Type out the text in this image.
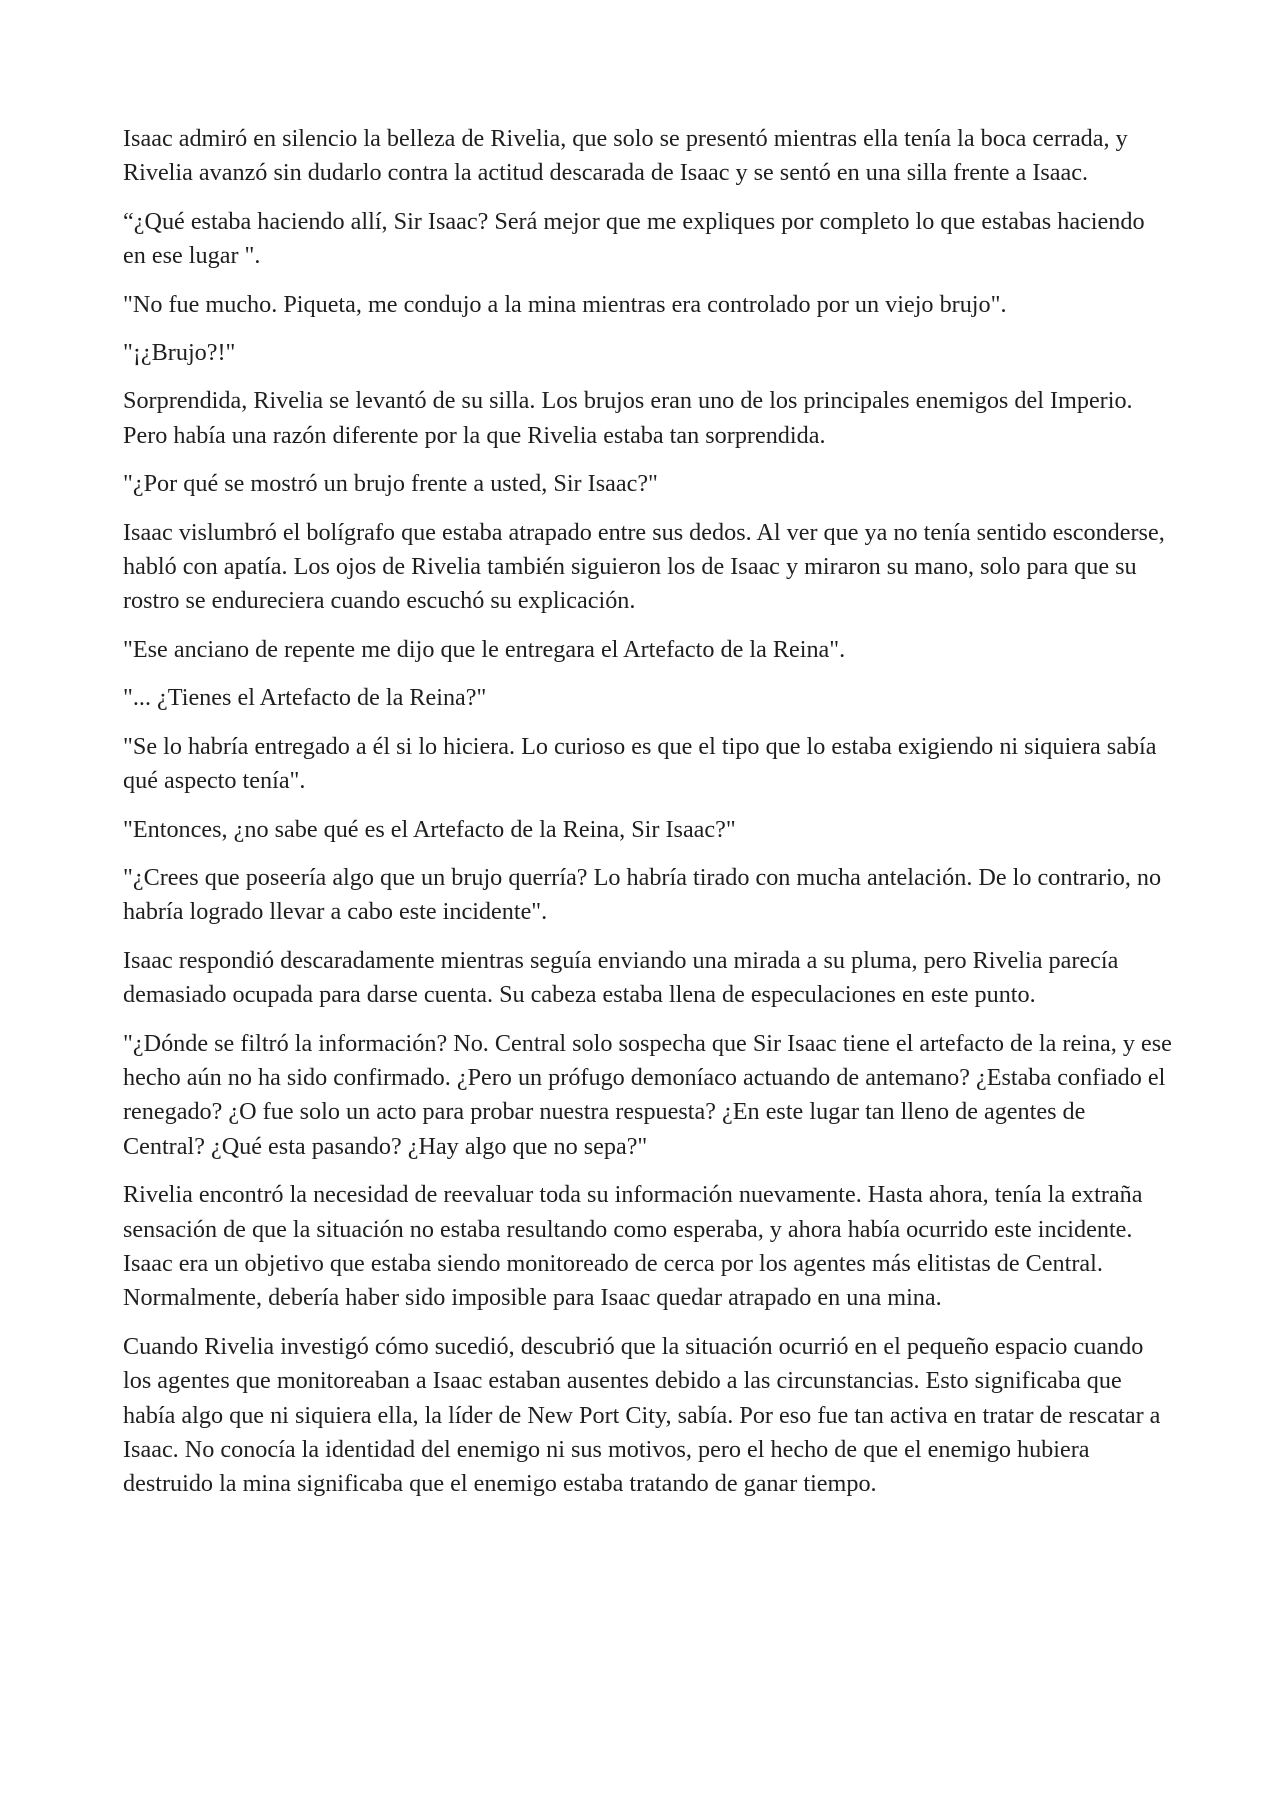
Isaac admiró en silencio la belleza de Rivelia, que solo se presentó mientras ella tenía la boca cerrada, y Rivelia avanzó sin dudarlo contra la actitud descarada de Isaac y se sentó en una silla frente a Isaac.

“¿Qué estaba haciendo allí, Sir Isaac? Será mejor que me expliques por completo lo que estabas haciendo en ese lugar ".

"No fue mucho. Piqueta, me condujo a la mina mientras era controlado por un viejo brujo".

"¡¿Brujo?!"

Sorprendida, Rivelia se levantó de su silla. Los brujos eran uno de los principales enemigos del Imperio. Pero había una razón diferente por la que Rivelia estaba tan sorprendida.

"¿Por qué se mostró un brujo frente a usted, Sir Isaac?"

Isaac vislumbró el bolígrafo que estaba atrapado entre sus dedos. Al ver que ya no tenía sentido esconderse, habló con apatía. Los ojos de Rivelia también siguieron los de Isaac y miraron su mano, solo para que su rostro se endureciera cuando escuchó su explicación.

"Ese anciano de repente me dijo que le entregara el Artefacto de la Reina".

"... ¿Tienes el Artefacto de la Reina?"

"Se lo habría entregado a él si lo hiciera. Lo curioso es que el tipo que lo estaba exigiendo ni siquiera sabía qué aspecto tenía".

"Entonces, ¿no sabe qué es el Artefacto de la Reina, Sir Isaac?"

"¿Crees que poseería algo que un brujo querría? Lo habría tirado con mucha antelación. De lo contrario, no habría logrado llevar a cabo este incidente".

Isaac respondió descaradamente mientras seguía enviando una mirada a su pluma, pero Rivelia parecía demasiado ocupada para darse cuenta. Su cabeza estaba llena de especulaciones en este punto.

"¿Dónde se filtró la información? No. Central solo sospecha que Sir Isaac tiene el artefacto de la reina, y ese hecho aún no ha sido confirmado. ¿Pero un prófugo demoníaco actuando de antemano? ¿Estaba confiado el renegado? ¿O fue solo un acto para probar nuestra respuesta? ¿En este lugar tan lleno de agentes de Central? ¿Qué esta pasando? ¿Hay algo que no sepa?"

Rivelia encontró la necesidad de reevaluar toda su información nuevamente. Hasta ahora, tenía la extraña sensación de que la situación no estaba resultando como esperaba, y ahora había ocurrido este incidente. Isaac era un objetivo que estaba siendo monitoreado de cerca por los agentes más elitistas de Central. Normalmente, debería haber sido imposible para Isaac quedar atrapado en una mina.

Cuando Rivelia investigó cómo sucedió, descubrió que la situación ocurrió en el pequeño espacio cuando los agentes que monitoreaban a Isaac estaban ausentes debido a las circunstancias. Esto significaba que había algo que ni siquiera ella, la líder de New Port City, sabía. Por eso fue tan activa en tratar de rescatar a Isaac. No conocía la identidad del enemigo ni sus motivos, pero el hecho de que el enemigo hubiera destruido la mina significaba que el enemigo estaba tratando de ganar tiempo.
